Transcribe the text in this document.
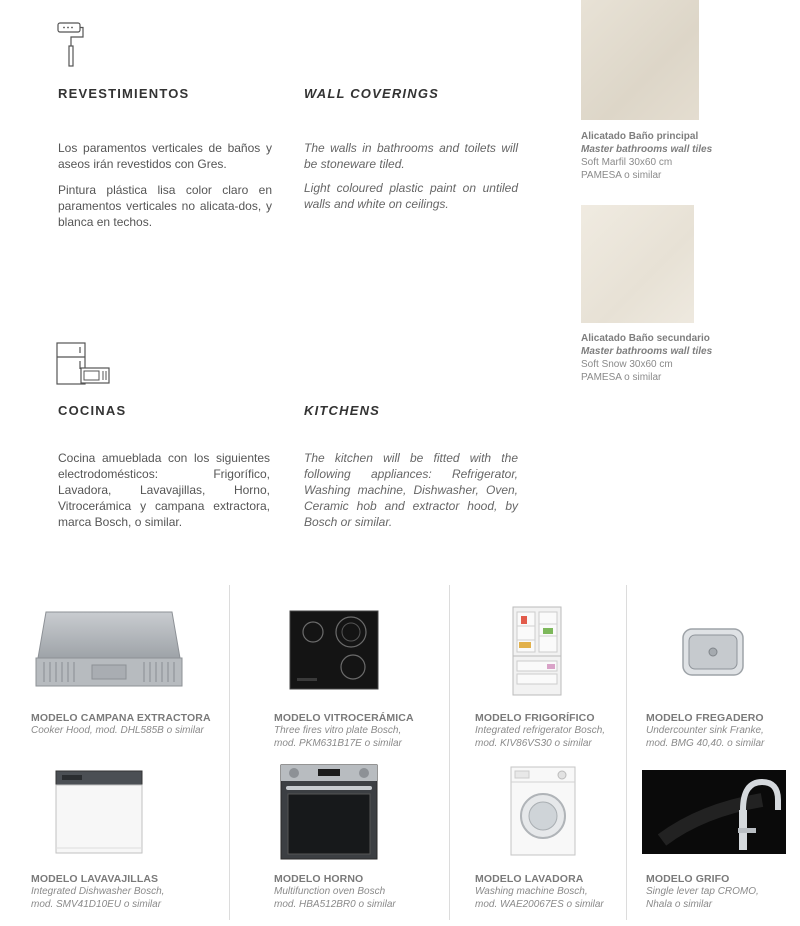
REVESTIMIENTOS	WALL COVERINGS

Los paramentos verticales de baños y aseos irán revestidos con Gres.

Pintura plástica lisa color claro en paramentos verticales no alicata-dos, y blanca en techos.

The walls in bathrooms and toilets will be stoneware tiled.

Light coloured plastic paint on untiled walls and white on ceilings.

Alicatado Baño principal
Master bathrooms wall tiles
Soft Marfil 30x60 cm
PAMESA o similar
Alicatado Baño secundario
Master bathrooms wall tiles
Soft Snow 30x60 cm
PAMESA o similar
COCINAS	KITCHENS

Cocina amueblada con los siguientes electrodomésticos: Frigorífico, Lavadora, Lavavajillas, Horno, Vitrocerámica y campana extractora, marca Bosch, o similar.

The kitchen will be fitted with the following appliances: Refrigerator, Washing machine, Dishwasher, Oven, Ceramic hob and extractor hood, by Bosch or similar.

MODELO CAMPANA EXTRACTORA
Cooker Hood, mod. DHL585B o similar
MODELO VITROCERÁMICA
Three fires vitro plate Bosch,
mod. PKM631B17E o similar
MODELO FRIGORÍFICO
Integrated refrigerator Bosch,
mod. KIV86VS30 o similar
MODELO FREGADERO
Undercounter sink Franke,
mod. BMG 40,40. o similar
MODELO LAVAVAJILLAS
Integrated Dishwasher Bosch,
mod. SMV41D10EU o similar
MODELO HORNO
Multifunction oven Bosch
mod. HBA512BR0 o similar
MODELO LAVADORA
Washing machine Bosch,
mod. WAE20067ES o similar
MODELO GRIFO
Single lever tap CROMO,
Nhala o similar
